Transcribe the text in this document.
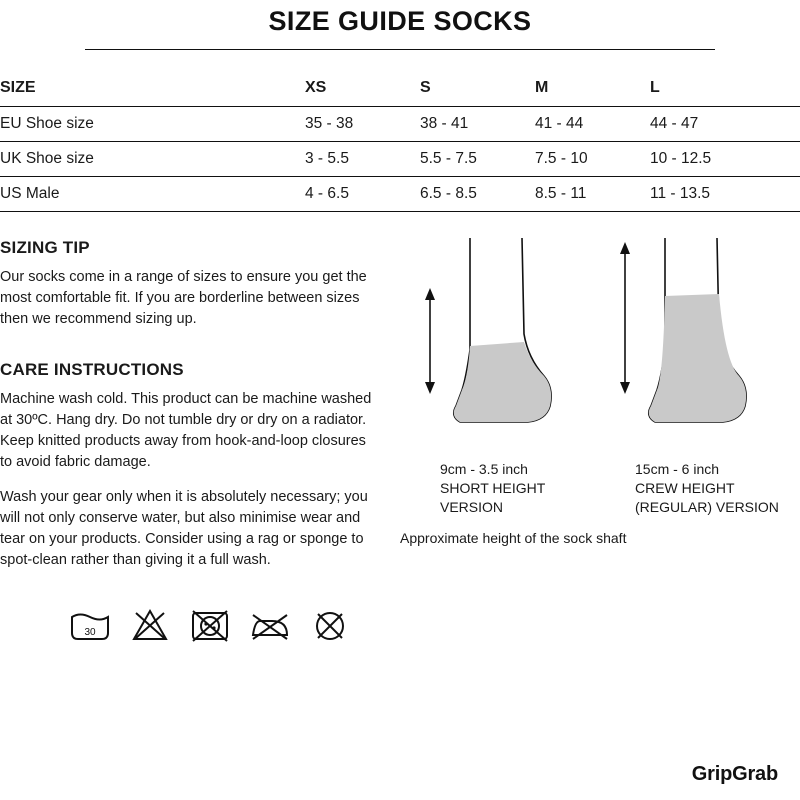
SIZE GUIDE SOCKS
SIZE	XS	S	M	L
EU Shoe size	35 - 38	38 - 41	41 - 44	44 - 47
UK Shoe size	3 - 5.5	5.5 - 7.5	7.5 - 10	10 - 12.5
US Male	4 - 6.5	6.5 - 8.5	8.5 - 11	11 - 13.5
SIZING TIP

Our socks come in a range of sizes to ensure you get the most comfortable fit. If you are borderline between sizes then we recommend sizing up.

CARE INSTRUCTIONS

Machine wash cold. This product can be machine washed at 30ºC. Hang dry. Do not tumble dry or dry on a radiator. Keep knitted products away from hook-and-loop closures to avoid fabric damage.

Wash your gear only when it is absolutely necessary; you will not only conserve water, but also minimise wear and tear on your products. Consider using a rag or sponge to spot-clean rather than giving it a full wash.

30
9cm - 3.5 inch
SHORT HEIGHT
VERSION
15cm - 6 inch
CREW HEIGHT
(REGULAR) VERSION
Approximate height of the sock shaft
GripGrab
